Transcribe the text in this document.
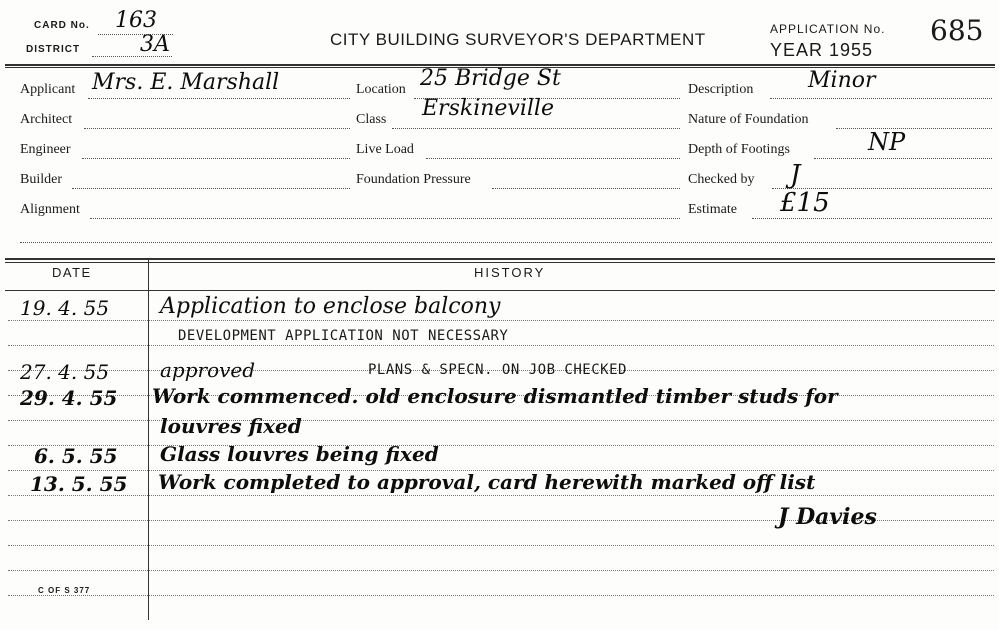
CARD No. 163
DISTRICT	3A	CITY BUILDING SURVEYOR'S DEPARTMENT
APPLICATION No. 685
YEAR 1955
Applicant Mrs. E. Marshall
Architect
Engineer
Builder
Alignment
Location 25 Bridge St
Class Erskineville
Live Load
Foundation Pressure
Description Minor
Nature of Foundation
Depth of Footings	NP
Checked by J
Estimate £15
DATE	HISTORY
19. 4. 55 Application to enclose balcony
DEVELOPMENT APPLICATION NOT NECESSARY
27. 4. 55	approved	PLANS & SPECN. ON JOB CHECKED
29. 4. 55 Work commenced. old enclosure dismantled timber studs for
louvres fixed
6. 5. 55 Glass louvres being fixed
13. 5. 55 Work completed to approval, card herewith marked off list
J Davies
C OF S 377
